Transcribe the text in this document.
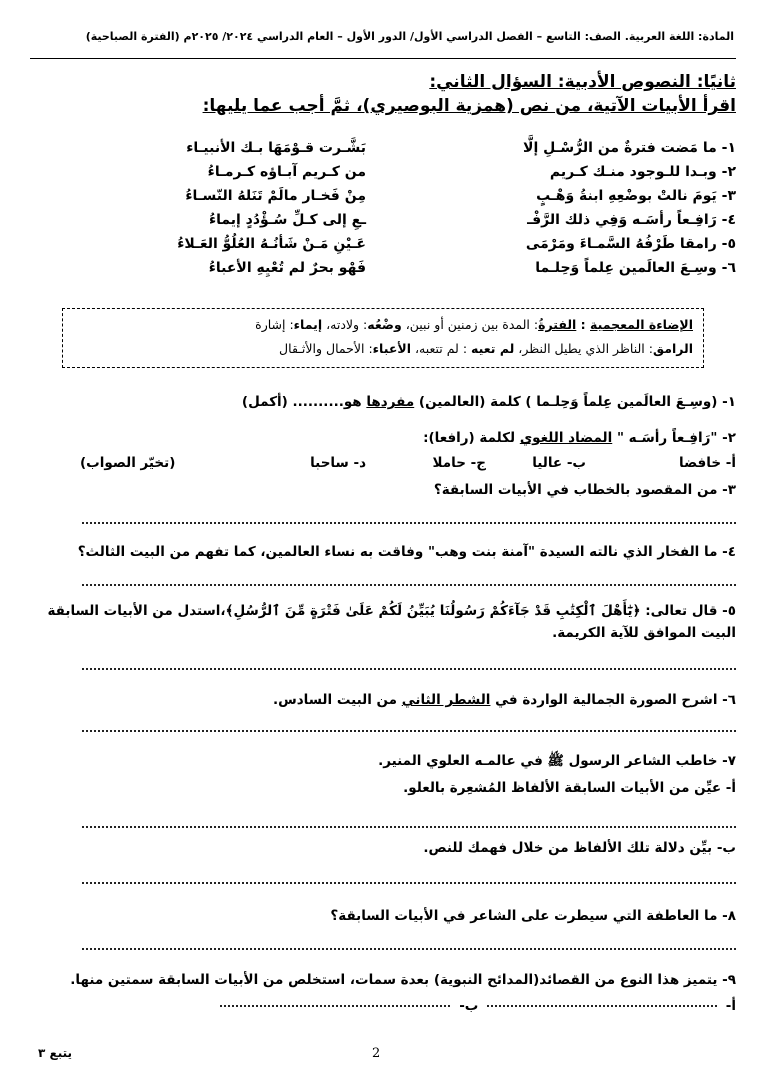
المادة: اللغة العربية. الصف: التاسع – الفصل الدراسي الأول/ الدور الأول – العام الدراسي ٢٠٢٤/ ٢٠٢٥م (الفترة الصباحية)
ثانيًا: النصوص الأدبية: السؤال الثاني:
اقرأ الأبيات الآتية، من نص (همزية البوصيري)، ثمَّ أجب عما يليها:
١- ما مَضت فترةٌ من الرُّسْـلِ إلَّا
بَشَّـرت قـوْمَهَا بـك الأنبيـاء
٢- وبـدا للـوجود منـك كـريم
من كـريم آبـاؤه كـرمـاءُ
٣- يَومَ نالتْ بوضْعِهِ ابنةُ وَهْـبٍ
مِنْ فَخـار مالَمْ تَنَلهُ النّسـاءُ
٤- رَافِـعاً رأسَـه وَفِي ذلك الرَّفْـ
ـعِ إلى كـلِّ سُـؤْدُدٍ إيماءُ
٥- رامقا طَرْفُهُ السَّمـاءَ ومَرْمَى
عَـيْنِ مَـنْ شَأنُـهُ العُلُوُّ العَـلاءُ
٦- وسِـعَ العالَمين عِلماً وَحِلـما
فَهْو بحرٌ لم تُعْيِهِ الأعباءُ
الإضاءة المعجمية : الفترةُ: المدة بين زمنين أو نبين، وضْعُه: ولادته، إيماء: إشارة
الرامق: الناظر الذي يطيل النظر، لم تعيه : لم تتعبه، الأعباء: الأحمال والأثـقال
١- (وسِـعَ العالَمين عِلماً وَحِلـما ) كلمة (العالمين) مفردها هو.......... (أكمل)
٢- "رَافِـعاً رأسَـه " المضاد اللغوي لكلمة (رافعا):
أ- خافضا
ب- عاليا
ج- حاملا
د- ساحبا
(تخيّر الصواب)
٣- من المقصود بالخطاب في الأبيات السابقة؟
٤- ما الفخار الذي نالته السيدة "آمنة بنت وهب" وفاقت به نساء العالمين، كما تفهم من البيت الثالث؟
٥- قال تعالى: ﴿يَٰٓأَهْلَ ٱلْكِتَٰبِ قَدْ جَآءَكُمْ رَسُولُنَا يُبَيِّنُ لَكُمْ عَلَىٰ فَتْرَةٍ مِّنَ ٱلرُّسُلِ﴾،استدل من الأبيات السابقة البيت الموافق للآية الكريمة.
٦- اشرح الصورة الجمالية الواردة في الشطر الثاني من البيت السادس.
٧- خاطب الشاعر الرسول ﷺ في عالمـه العلوي المنير.
أ- عيِّن من الأبيات السابقة الألفاظ المُشعِرة بالعلو.
ب- بيِّن دلالة تلك الألفاظ من خلال فهمك للنص.
٨- ما العاطفة التي سيطرت على الشاعر في الأبيات السابقة؟
٩- يتميز هذا النوع من القصائد(المدائح النبوية) بعدة سمات، استخلص من الأبيات السابقة سمتين منها.
أ-  ب-
2
يتبع ٣
